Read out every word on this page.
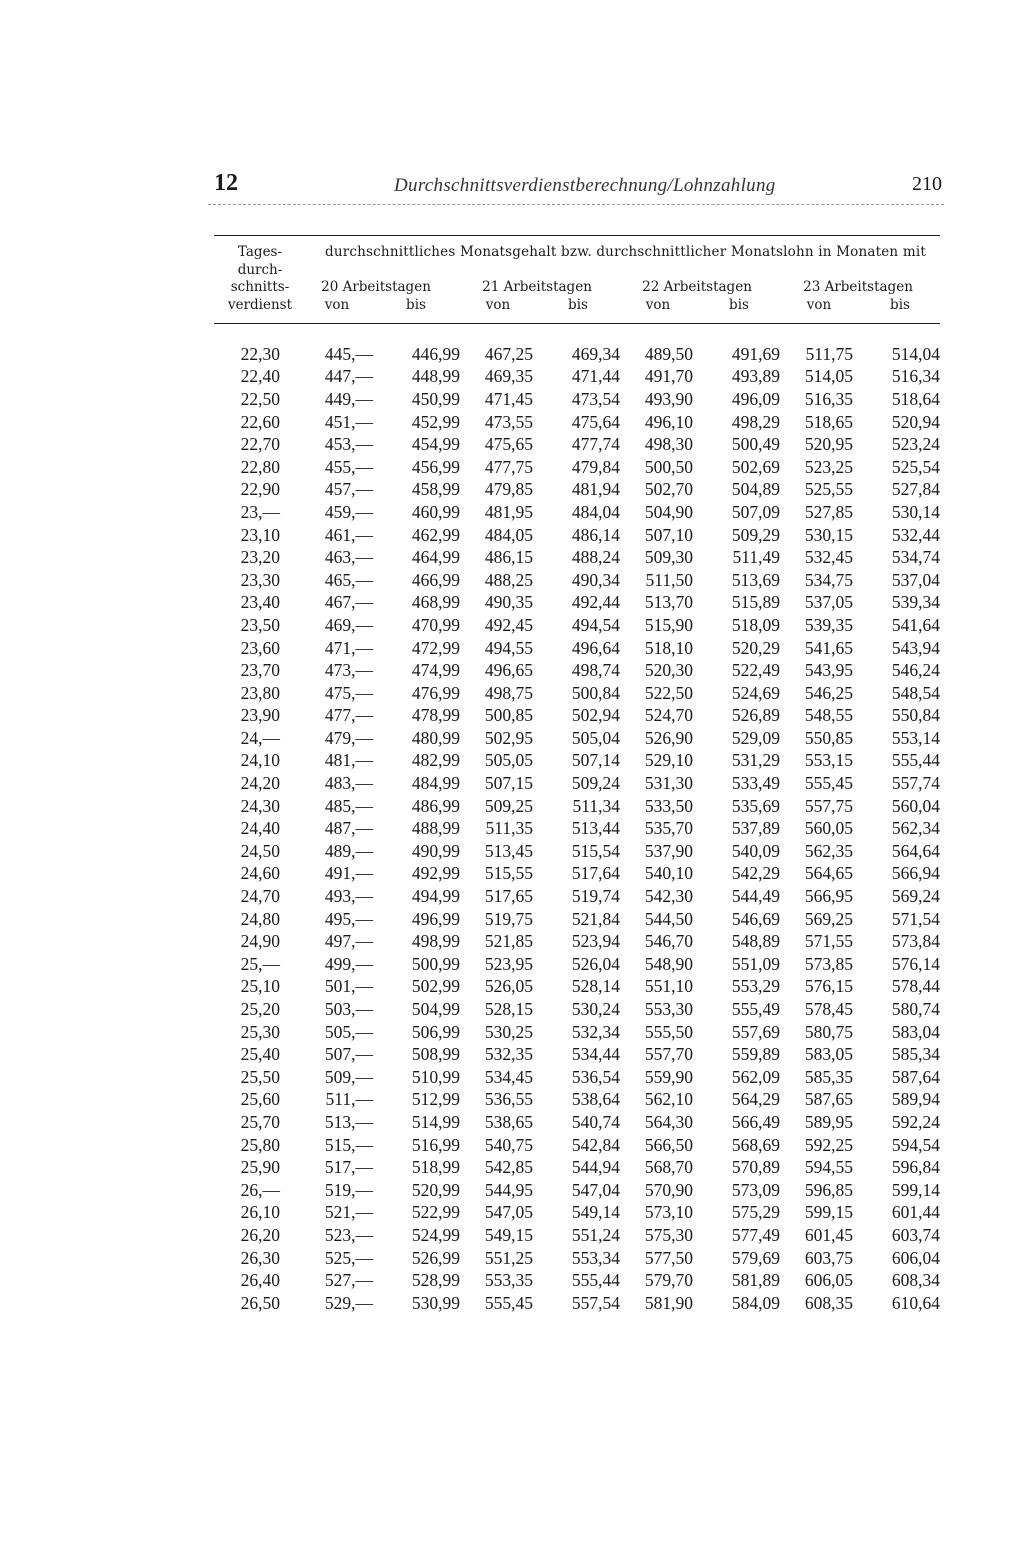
12	Durchschnittsverdienstberechnung/Lohnzahlung	210
Tages-
durch-
schnitts-
verdienst
durchschnittliches Monatsgehalt bzw. durchschnittlicher Monatslohn in Monaten mit
20 Arbeitstagen	21 Arbeitstagen	22 Arbeitstagen	23 Arbeitstagen
von	bis	von	bis	von	bis	von	bis
22,30	445,—	446,99	467,25	469,34	489,50	491,69	511,75	514,04
22,40	447,—	448,99	469,35	471,44	491,70	493,89	514,05	516,34
22,50	449,—	450,99	471,45	473,54	493,90	496,09	516,35	518,64
22,60	451,—	452,99	473,55	475,64	496,10	498,29	518,65	520,94
22,70	453,—	454,99	475,65	477,74	498,30	500,49	520,95	523,24
22,80	455,—	456,99	477,75	479,84	500,50	502,69	523,25	525,54
22,90	457,—	458,99	479,85	481,94	502,70	504,89	525,55	527,84
23,—	459,—	460,99	481,95	484,04	504,90	507,09	527,85	530,14
23,10	461,—	462,99	484,05	486,14	507,10	509,29	530,15	532,44
23,20	463,—	464,99	486,15	488,24	509,30	511,49	532,45	534,74
23,30	465,—	466,99	488,25	490,34	511,50	513,69	534,75	537,04
23,40	467,—	468,99	490,35	492,44	513,70	515,89	537,05	539,34
23,50	469,—	470,99	492,45	494,54	515,90	518,09	539,35	541,64
23,60	471,—	472,99	494,55	496,64	518,10	520,29	541,65	543,94
23,70	473,—	474,99	496,65	498,74	520,30	522,49	543,95	546,24
23,80	475,—	476,99	498,75	500,84	522,50	524,69	546,25	548,54
23,90	477,—	478,99	500,85	502,94	524,70	526,89	548,55	550,84
24,—	479,—	480,99	502,95	505,04	526,90	529,09	550,85	553,14
24,10	481,—	482,99	505,05	507,14	529,10	531,29	553,15	555,44
24,20	483,—	484,99	507,15	509,24	531,30	533,49	555,45	557,74
24,30	485,—	486,99	509,25	511,34	533,50	535,69	557,75	560,04
24,40	487,—	488,99	511,35	513,44	535,70	537,89	560,05	562,34
24,50	489,—	490,99	513,45	515,54	537,90	540,09	562,35	564,64
24,60	491,—	492,99	515,55	517,64	540,10	542,29	564,65	566,94
24,70	493,—	494,99	517,65	519,74	542,30	544,49	566,95	569,24
24,80	495,—	496,99	519,75	521,84	544,50	546,69	569,25	571,54
24,90	497,—	498,99	521,85	523,94	546,70	548,89	571,55	573,84
25,—	499,—	500,99	523,95	526,04	548,90	551,09	573,85	576,14
25,10	501,—	502,99	526,05	528,14	551,10	553,29	576,15	578,44
25,20	503,—	504,99	528,15	530,24	553,30	555,49	578,45	580,74
25,30	505,—	506,99	530,25	532,34	555,50	557,69	580,75	583,04
25,40	507,—	508,99	532,35	534,44	557,70	559,89	583,05	585,34
25,50	509,—	510,99	534,45	536,54	559,90	562,09	585,35	587,64
25,60	511,—	512,99	536,55	538,64	562,10	564,29	587,65	589,94
25,70	513,—	514,99	538,65	540,74	564,30	566,49	589,95	592,24
25,80	515,—	516,99	540,75	542,84	566,50	568,69	592,25	594,54
25,90	517,—	518,99	542,85	544,94	568,70	570,89	594,55	596,84
26,—	519,—	520,99	544,95	547,04	570,90	573,09	596,85	599,14
26,10	521,—	522,99	547,05	549,14	573,10	575,29	599,15	601,44
26,20	523,—	524,99	549,15	551,24	575,30	577,49	601,45	603,74
26,30	525,—	526,99	551,25	553,34	577,50	579,69	603,75	606,04
26,40	527,—	528,99	553,35	555,44	579,70	581,89	606,05	608,34
26,50	529,—	530,99	555,45	557,54	581,90	584,09	608,35	610,64
